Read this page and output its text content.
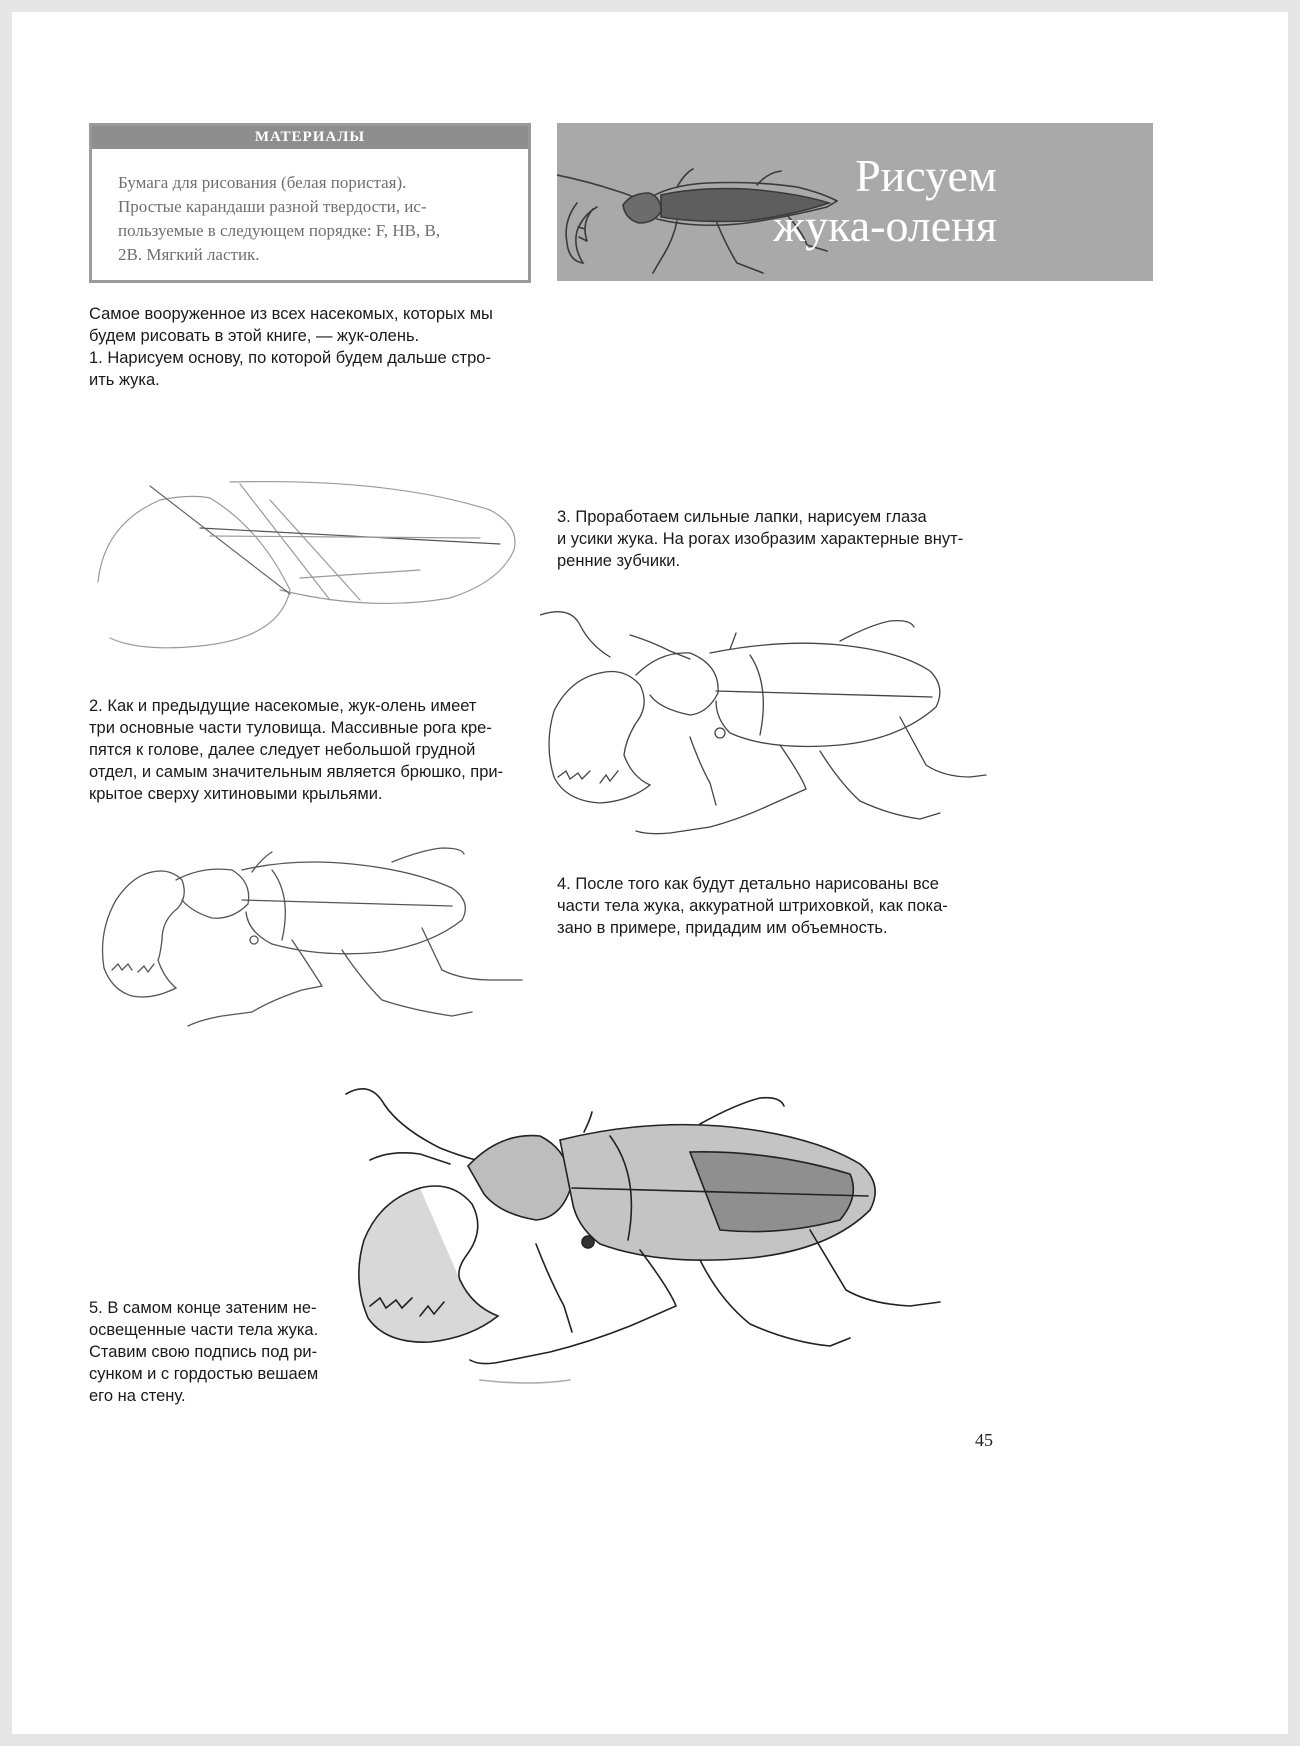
МАТЕРИАЛЫ
Бумага для рисования (белая пористая).
Простые карандаши разной твердости, ис-
пользуемые в следующем порядке: F, HB, B,
2B. Мягкий ластик.
Рисуем
жука-оленя
Самое вооруженное из всех насекомых, которых мы
будем рисовать в этой книге, — жук-олень.
1. Нарисуем основу, по которой будем дальше стро-
ить жука.
2. Как и предыдущие насекомые, жук-олень имеет
три основные части туловища. Массивные рога кре-
пятся к голове, далее следует небольшой грудной
отдел, и самым значительным является брюшко, при-
крытое сверху хитиновыми крыльями.
3. Проработаем сильные лапки, нарисуем глаза
и усики жука. На рогах изобразим характерные внут-
ренние зубчики.
4. После того как будут детально нарисованы все
части тела жука, аккуратной штриховкой, как пока-
зано в примере, придадим им объемность.
5. В самом конце затеним не-
освещенные части тела жука.
Ставим свою подпись под ри-
сунком и с гордостью вешаем
его на стену.
45
